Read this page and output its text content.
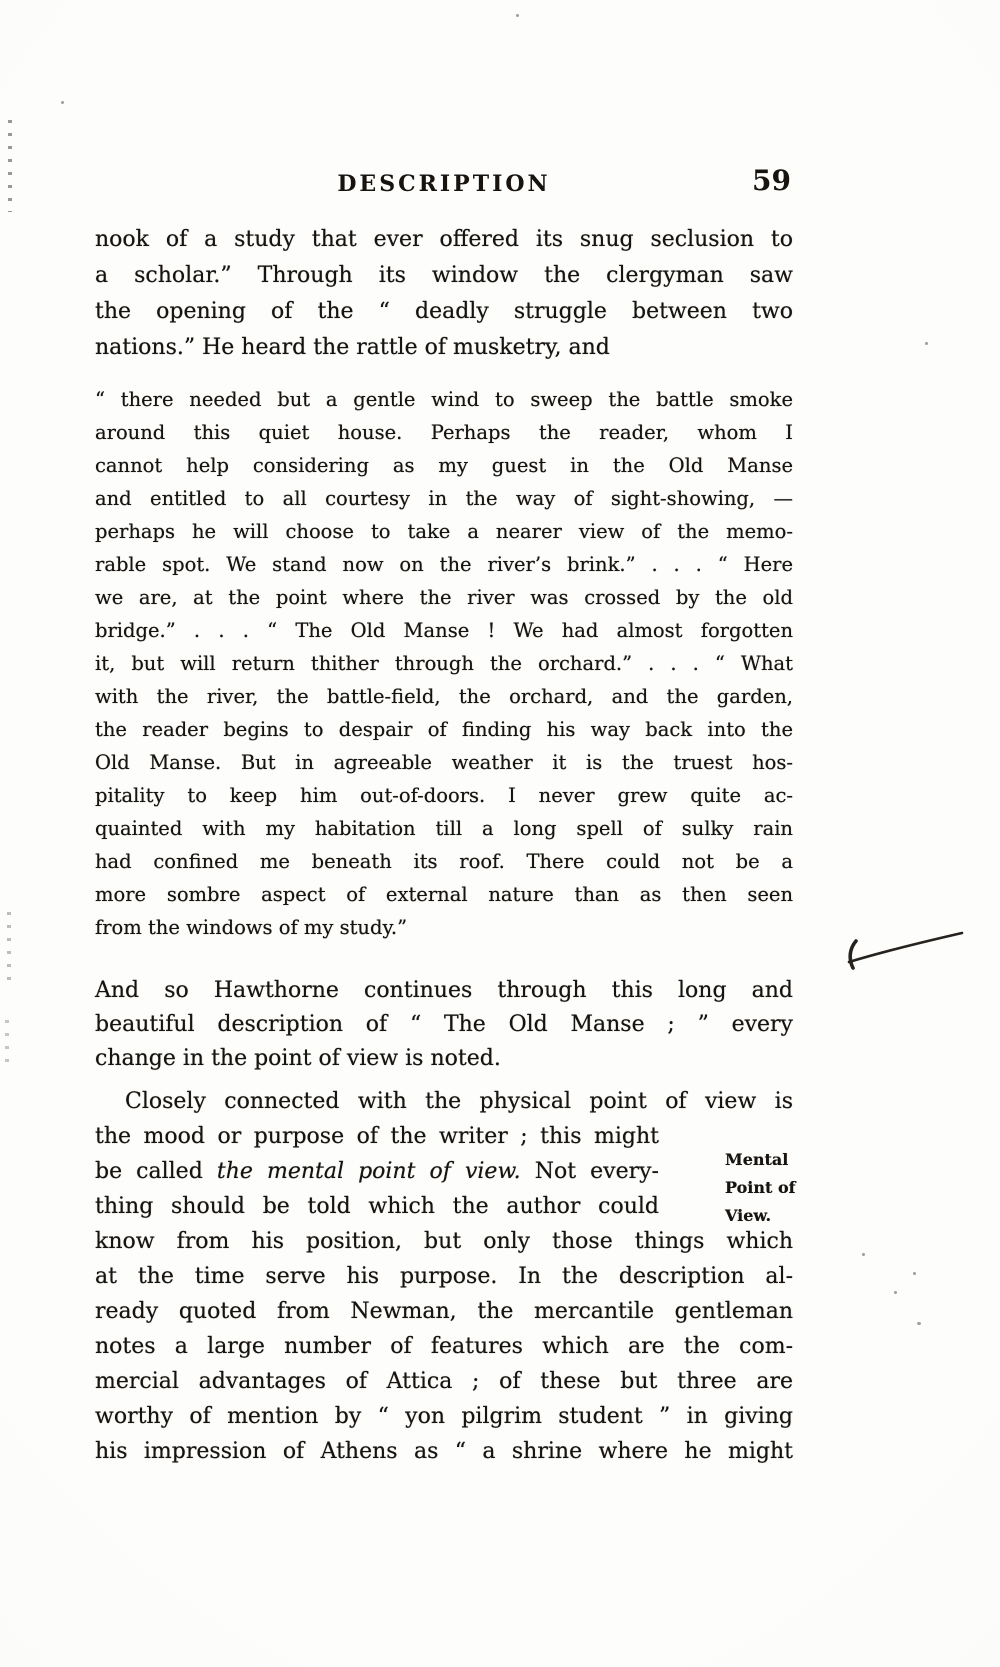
DESCRIPTION	59
nook of a study that ever offered its snug seclusion to
a scholar.” Through its window the clergyman saw
the opening of the “ deadly struggle between two
nations.” He heard the rattle of musketry, and
“ there needed but a gentle wind to sweep the battle smoke
around this quiet house. Perhaps the reader, whom I
cannot help considering as my guest in the Old Manse
and entitled to all courtesy in the way of sight-showing, —
perhaps he will choose to take a nearer view of the memo-
rable spot. We stand now on the river’s brink.” . . . “ Here
we are, at the point where the river was crossed by the old
bridge.” . . . “ The Old Manse ! We had almost forgotten
it, but will return thither through the orchard.” . . . “ What
with the river, the battle-field, the orchard, and the garden,
the reader begins to despair of finding his way back into the
Old Manse. But in agreeable weather it is the truest hos-
pitality to keep him out-of-doors. I never grew quite ac-
quainted with my habitation till a long spell of sulky rain
had confined me beneath its roof. There could not be a
more sombre aspect of external nature than as then seen
from the windows of my study.”
And so Hawthorne continues through this long and
beautiful description of “ The Old Manse ; ” every
change in the point of view is noted.
Closely connected with the physical point of view is
the mood or purpose of the writer ; this might
be called the mental point of view. Not every-
thing should be told which the author could
know from his position, but only those things which
at the time serve his purpose. In the description al-
ready quoted from Newman, the mercantile gentleman
notes a large number of features which are the com-
mercial advantages of Attica ; of these but three are
worthy of mention by “ yon pilgrim student ” in giving
his impression of Athens as “ a shrine where he might
Mental
Point of
View.
